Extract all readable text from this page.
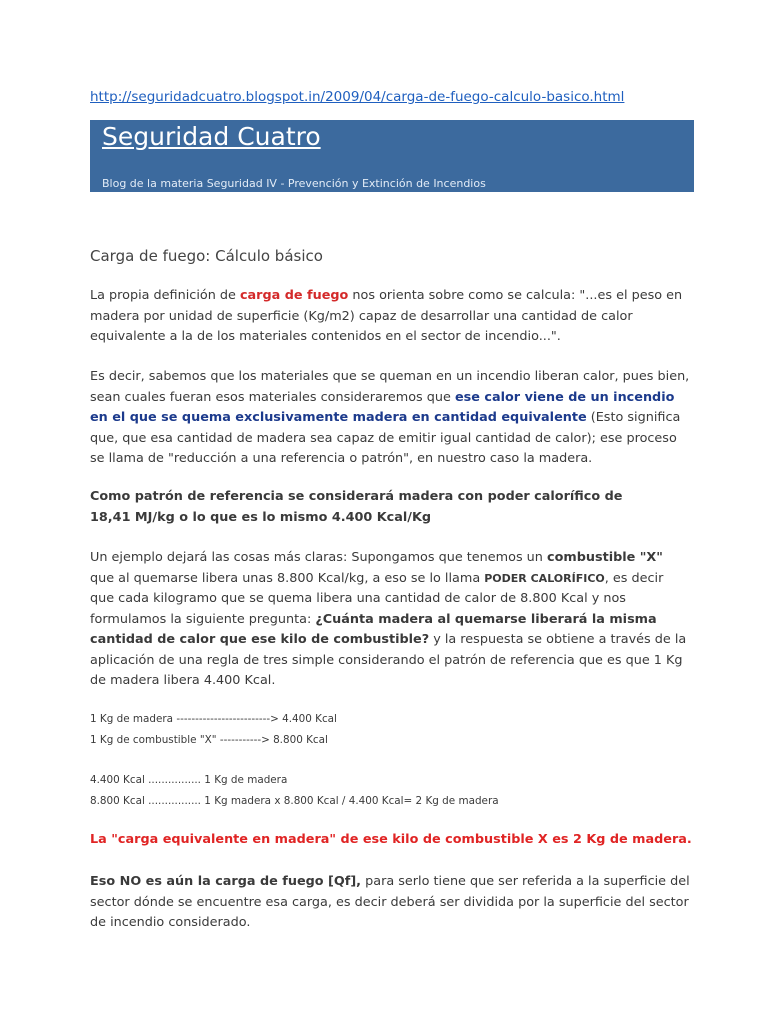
http://seguridadcuatro.blogspot.in/2009/04/carga-de-fuego-calculo-basico.html
Seguridad Cuatro
Blog de la materia Seguridad IV - Prevención y Extinción de Incendios
Carga de fuego: Cálculo básico

La propia definición de carga de fuego nos orienta sobre como se calcula: "...es el peso en madera por unidad de superficie (Kg/m2) capaz de desarrollar una cantidad de calor equivalente a la de los materiales contenidos en el sector de incendio...".

Es decir, sabemos que los materiales que se queman en un incendio liberan calor, pues bien, sean cuales fueran esos materiales consideraremos que ese calor viene de un incendio en el que se quema exclusivamente madera en cantidad equivalente (Esto significa que, que esa cantidad de madera sea capaz de emitir igual cantidad de calor); ese proceso se llama de "reducción a una referencia o patrón", en nuestro caso la madera.

Como patrón de referencia se considerará madera con poder calorífico de 18,41 MJ/kg o lo que es lo mismo 4.400 Kcal/Kg

Un ejemplo dejará las cosas más claras: Supongamos que tenemos un combustible "X" que al quemarse libera unas 8.800 Kcal/kg, a eso se lo llama PODER CALORÍFICO, es decir que cada kilogramo que se quema libera una cantidad de calor de 8.800 Kcal y nos formulamos la siguiente pregunta: ¿Cuánta madera al quemarse liberará la misma cantidad de calor que ese kilo de combustible? y la respuesta se obtiene a través de la aplicación de una regla de tres simple considerando el patrón de referencia que es que 1 Kg de madera libera 4.400 Kcal.

1 Kg de madera -------------------------> 4.400 Kcal
1 Kg de combustible "X" -----------> 8.800 Kcal
4.400 Kcal ................ 1 Kg de madera
8.800 Kcal ................ 1 Kg madera x 8.800 Kcal / 4.400 Kcal= 2 Kg de madera
La "carga equivalente en madera" de ese kilo de combustible X es 2 Kg de madera.

Eso NO es aún la carga de fuego [Qf], para serlo tiene que ser referida a la superficie del sector dónde se encuentre esa carga, es decir deberá ser dividida por la superficie del sector de incendio considerado.
